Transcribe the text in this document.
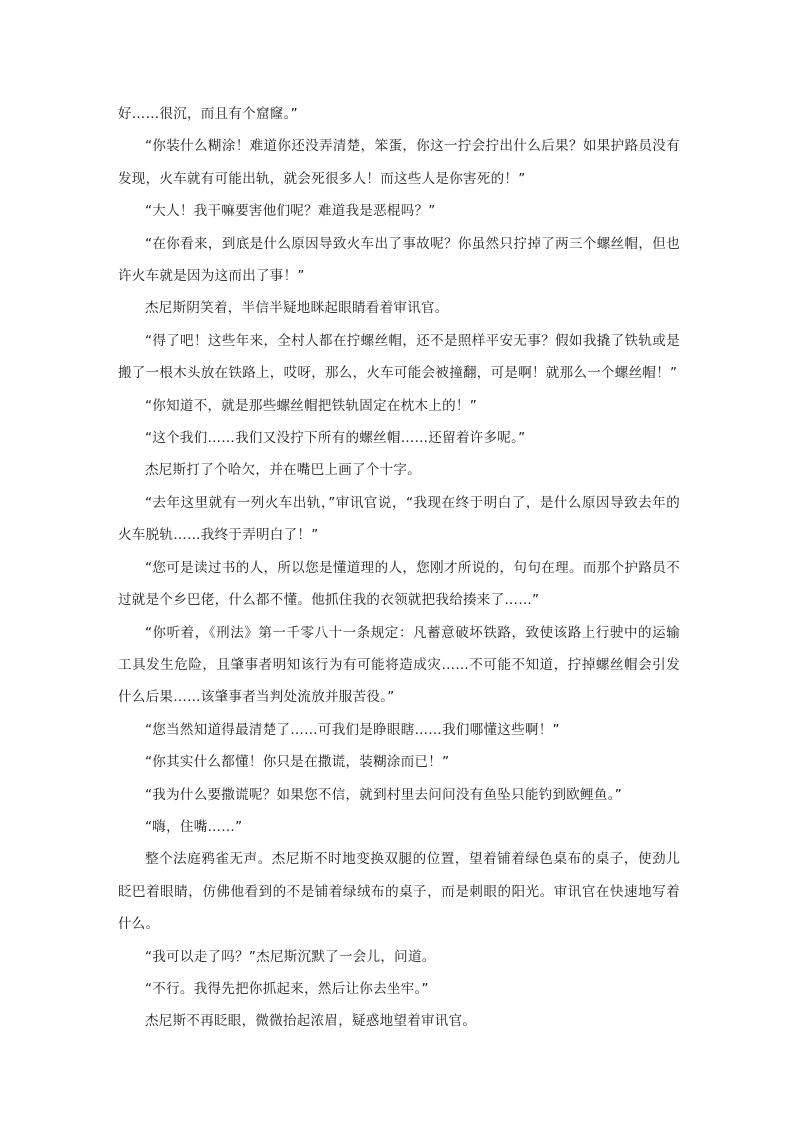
好……很沉，而且有个窟窿。”

“你装什么糊涂！难道你还没弄清楚，笨蛋，你这一拧会拧出什么后果？如果护路员没有发现，火车就有可能出轨，就会死很多人！而这些人是你害死的！”

“大人！我干嘛要害他们呢？难道我是恶棍吗？”

“在你看来，到底是什么原因导致火车出了事故呢？你虽然只拧掉了两三个螺丝帽，但也许火车就是因为这而出了事！”

杰尼斯阴笑着，半信半疑地眯起眼睛看着审讯官。

“得了吧！这些年来，全村人都在拧螺丝帽，还不是照样平安无事？假如我撬了铁轨或是搬了一根木头放在铁路上，哎呀，那么，火车可能会被撞翻，可是啊！就那么一个螺丝帽！”

“你知道不，就是那些螺丝帽把铁轨固定在枕木上的！”

“这个我们……我们又没拧下所有的螺丝帽……还留着许多呢。”

杰尼斯打了个哈欠，并在嘴巴上画了个十字。

“去年这里就有一列火车出轨，”审讯官说，“我现在终于明白了，是什么原因导致去年的火车脱轨……我终于弄明白了！”

“您可是读过书的人，所以您是懂道理的人，您刚才所说的，句句在理。而那个护路员不过就是个乡巴佬，什么都不懂。他抓住我的衣领就把我给揍来了……”

“你听着，《刑法》第一千零八十一条规定：凡蓄意破坏铁路，致使该路上行驶中的运输工具发生危险，且肇事者明知该行为有可能将造成灾……不可能不知道，拧掉螺丝帽会引发什么后果……该肇事者当判处流放并服苦役。”

“您当然知道得最清楚了……可我们是睁眼瞎……我们哪懂这些啊！”

“你其实什么都懂！你只是在撒谎，装糊涂而已！”

“我为什么要撒谎呢？如果您不信，就到村里去问问没有鱼坠只能钓到欧鲤鱼。”

“嗨，住嘴……”

整个法庭鸦雀无声。杰尼斯不时地变换双腿的位置，望着铺着绿色桌布的桌子，使劲儿眨巴着眼睛，仿佛他看到的不是铺着绿绒布的桌子，而是刺眼的阳光。审讯官在快速地写着什么。

“我可以走了吗？”杰尼斯沉默了一会儿，问道。

“不行。我得先把你抓起来，然后让你去坐牢。”

杰尼斯不再眨眼，微微抬起浓眉，疑惑地望着审讯官。
